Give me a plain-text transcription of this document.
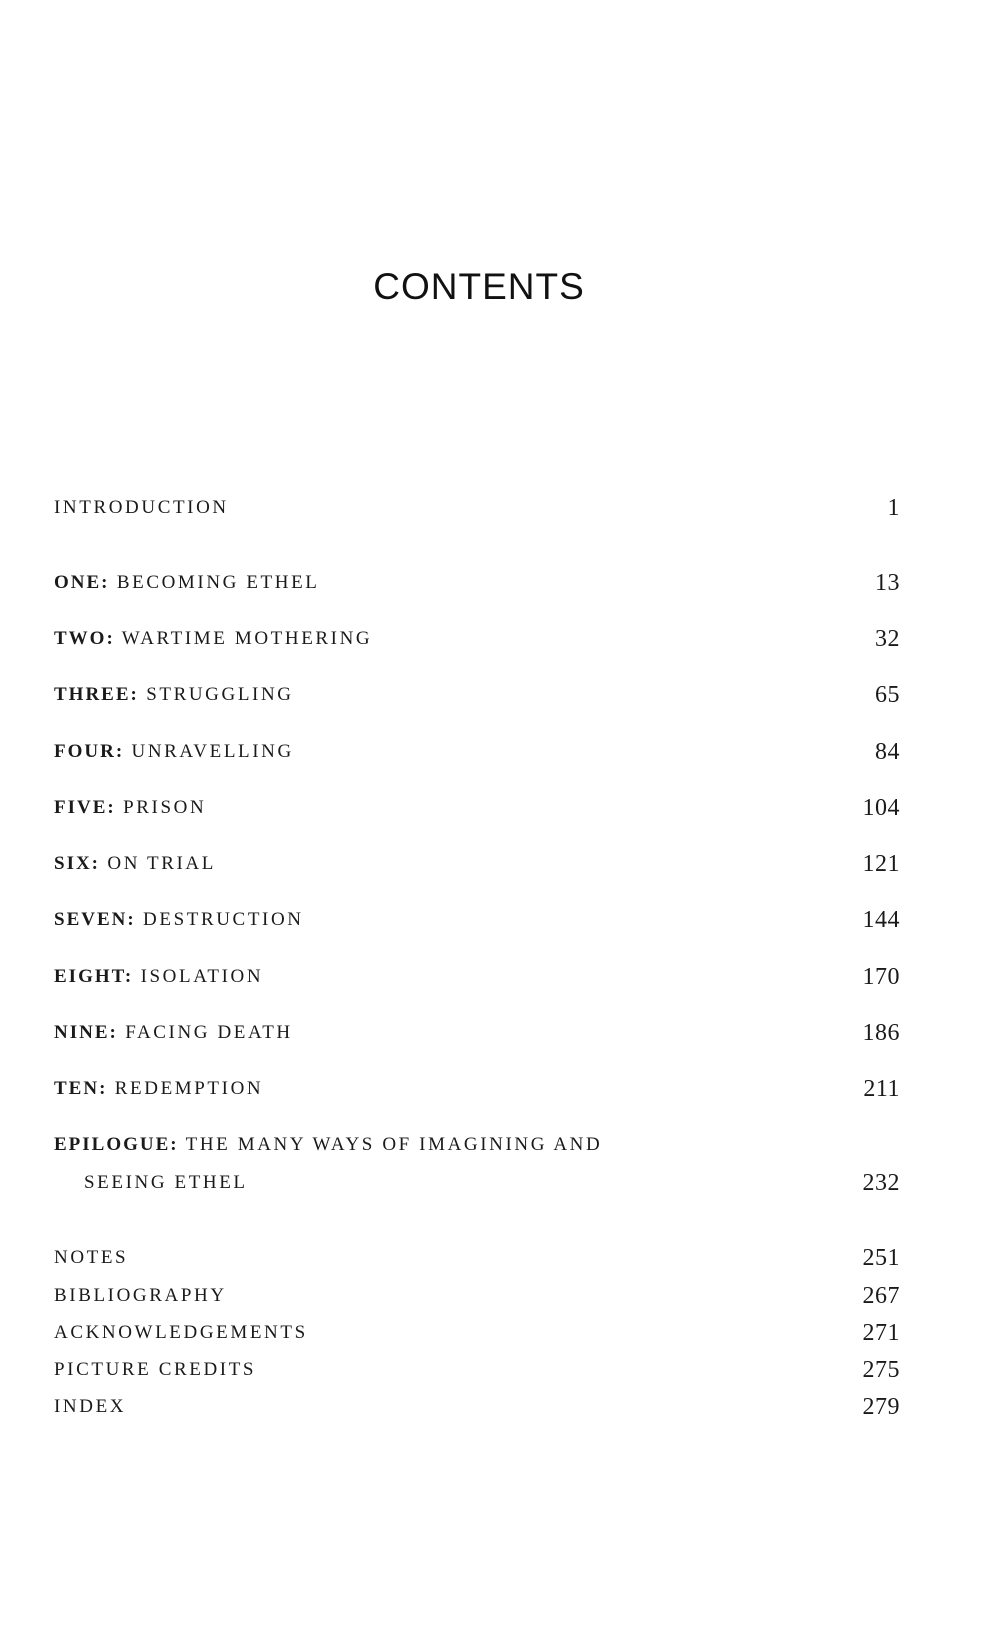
CONTENTS
INTRODUCTION	1
ONE: BECOMING ETHEL	13
TWO: WARTIME MOTHERING	32
THREE: STRUGGLING	65
FOUR: UNRAVELLING	84
FIVE: PRISON	104
SIX: ON TRIAL	121
SEVEN: DESTRUCTION	144
EIGHT: ISOLATION	170
NINE: FACING DEATH	186
TEN: REDEMPTION	211
EPILOGUE: THE MANY WAYS OF IMAGINING AND
SEEING ETHEL	232
NOTES	251
BIBLIOGRAPHY	267
ACKNOWLEDGEMENTS	271
PICTURE CREDITS	275
INDEX	279
